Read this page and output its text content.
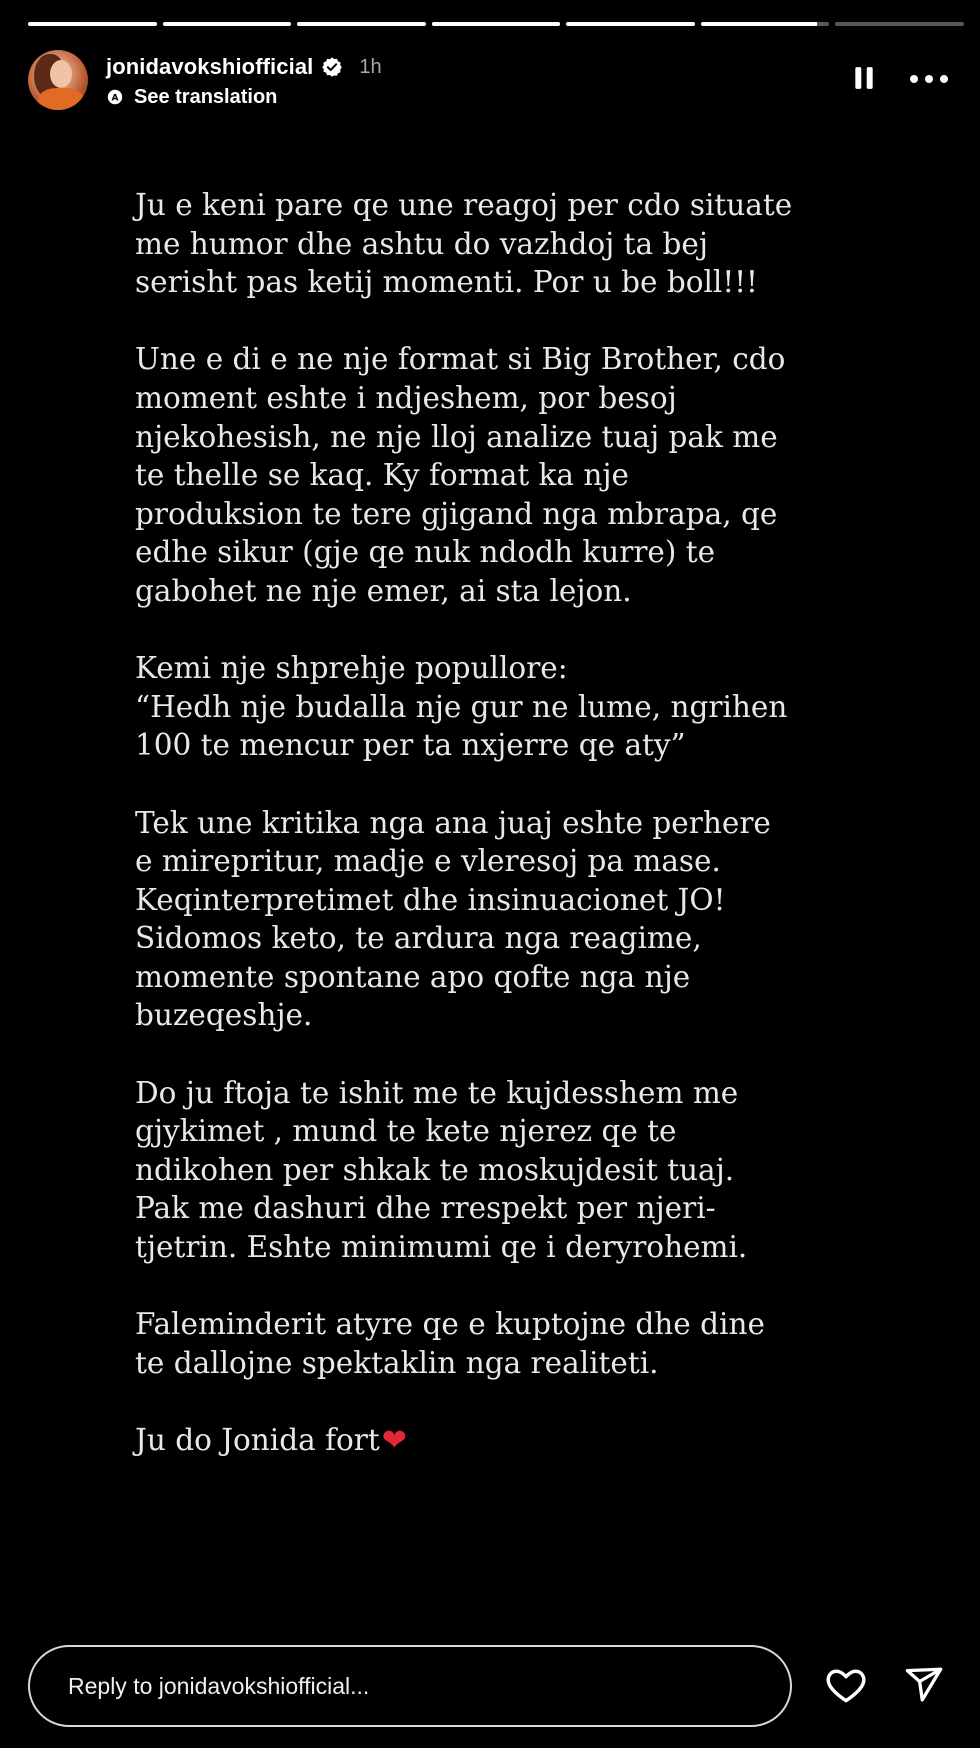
jonidavokshiofficial 1h
A See translation

Ju e keni pare qe une reagoj per cdo situate
me humor dhe ashtu do vazhdoj ta bej
serisht pas ketij momenti. Por u be boll!!!

Une e di e ne nje format si Big Brother, cdo
moment eshte i ndjeshem, por besoj
njekohesish, ne nje lloj analize tuaj pak me
te thelle se kaq. Ky format ka nje
produksion te tere gjigand nga mbrapa, qe
edhe sikur (gje qe nuk ndodh kurre) te
gabohet ne nje emer, ai sta lejon.

Kemi nje shprehje popullore:
“Hedh nje budalla nje gur ne lume, ngrihen
100 te mencur per ta nxjerre qe aty”

Tek une kritika nga ana juaj eshte perhere
e mirepritur, madje e vleresoj pa mase.
Keqinterpretimet dhe insinuacionet JO!
Sidomos keto, te ardura nga reagime,
momente spontane apo qofte nga nje
buzeqeshje.

Do ju ftoja te ishit me te kujdesshem me
gjykimet , mund te kete njerez qe te
ndikohen per shkak te moskujdesit tuaj.
Pak me dashuri dhe rrespekt per njeri-
tjetrin. Eshte minimumi qe i deryrohemi.

Faleminderit atyre qe e kuptojne dhe dine
te dallojne spektaklin nga realiteti.

Ju do Jonida fort❤

Reply to jonidavokshiofficial...
